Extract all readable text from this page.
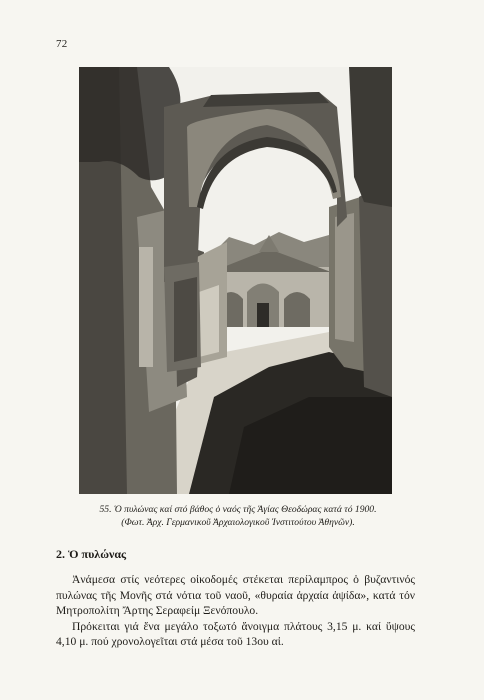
72
55. Ὁ πυλώνας καί στό βάθος ὁ ναός τῆς Ἁγίας Θεοδώρας κατά τό 1900.
(Φωτ. Ἀρχ. Γερμανικοῦ Ἀρχαιολογικοῦ Ἰνστιτούτου Ἀθηνῶν).
2. Ὁ πυλώνας

Ἀνάμεσα στίς νεότερες οἰκοδομές στέκεται περίλαμπρος ὁ βυζαντινός πυλώνας τῆς Μονῆς στά νότια τοῦ ναοῦ, «θυραία ἀρχαία ἀψίδα», κατά τόν Μητροπολίτη Ἄρτης Σεραφείμ Ξενόπουλο.

Πρόκειται γιά ἕνα μεγάλο τοξωτό ἄνοιγμα πλάτους 3,15 μ. καί ὕψους 4,10 μ. πού χρονολογεῖται στά μέσα τοῦ 13ου αἰ.
